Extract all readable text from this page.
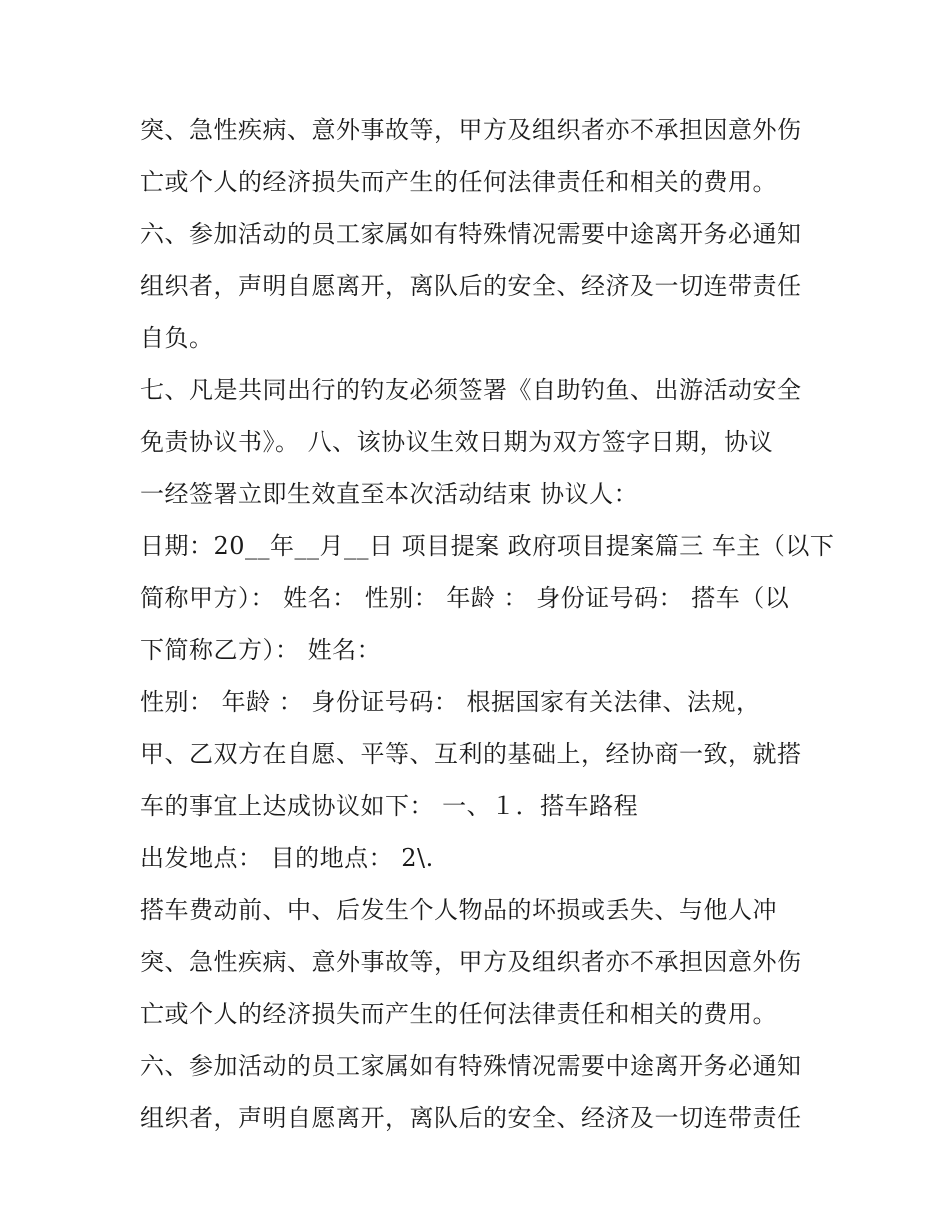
突、急性疾病、意外事故等，甲方及组织者亦不承担因意外伤
亡或个人的经济损失而产生的任何法律责任和相关的费用。
六、参加活动的员工家属如有特殊情况需要中途离开务必通知
组织者，声明自愿离开，离队后的安全、经济及一切连带责任
自负。
七、凡是共同出行的钓友必须签署《自助钓鱼、出游活动安全
免责协议书》。 八、该协议生效日期为双方签字日期，协议
一经签署立即生效直至本次活动结束 协议人：
日期：20__年__月__日 项目提案 政府项目提案篇三 车主（以下
简称甲方）： 姓名： 性别： 年龄 ： 身份证号码： 搭车（以
下简称乙方）： 姓名：
性别： 年龄 ： 身份证号码： 根据国家有关法律、法规，
甲、乙双方在自愿、平等、互利的基础上，经协商一致，就搭
车的事宜上达成协议如下： 一、１．搭车路程
出发地点： 目的地点： 2\.
搭车费动前、中、后发生个人物品的坏损或丢失、与他人冲
突、急性疾病、意外事故等，甲方及组织者亦不承担因意外伤
亡或个人的经济损失而产生的任何法律责任和相关的费用。
六、参加活动的员工家属如有特殊情况需要中途离开务必通知
组织者，声明自愿离开，离队后的安全、经济及一切连带责任
